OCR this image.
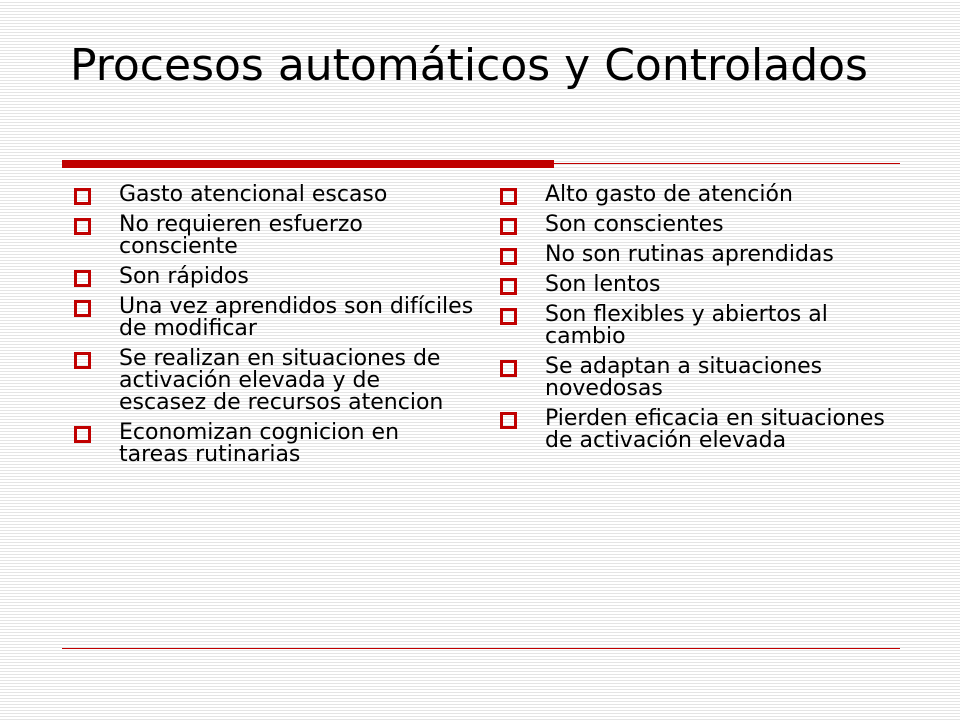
Procesos automáticos y Controlados
Gasto atencional escaso
No requieren esfuerzo consciente
Son rápidos
Una vez aprendidos son difíciles de modificar
Se realizan en situaciones de activación elevada y de escasez de recursos atencion
Economizan cognicion en tareas rutinarias
Alto gasto de atención
Son conscientes
No son rutinas aprendidas
Son lentos
Son flexibles y abiertos al cambio
Se adaptan a situaciones novedosas
Pierden eficacia en situaciones de activación elevada
